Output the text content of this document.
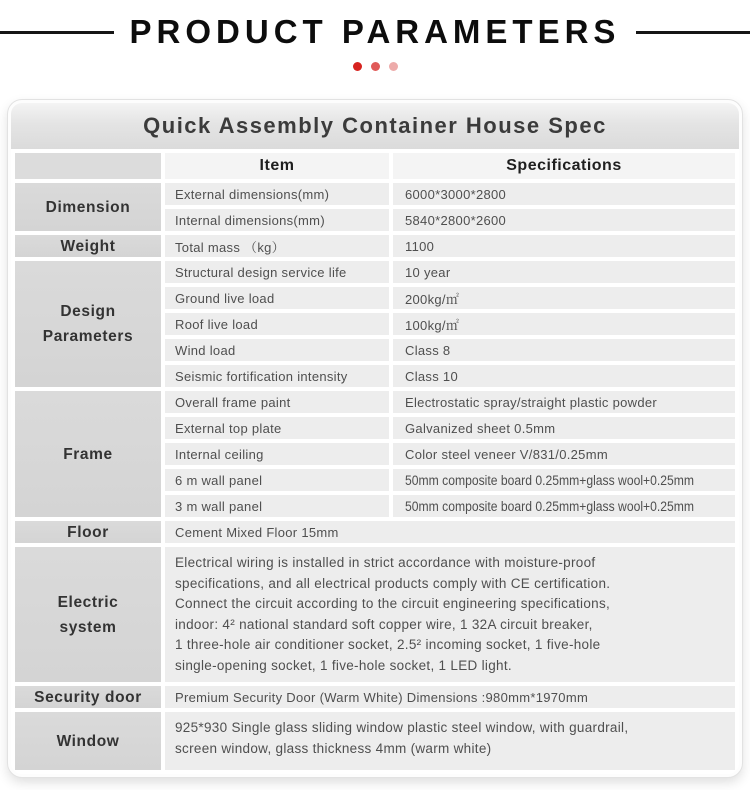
PRODUCT PARAMETERS
Quick Assembly Container House Spec
Item	Specifications
Dimension
External dimensions(mm)	6000*3000*2800
Internal dimensions(mm)	5840*2800*2600
Weight	Total mass （kg）	1100
Design
Parameters
Structural design service life	10 year
Ground live load	200kg/㎡
Roof live load	100kg/㎡
Wind load	Class 8
Seismic fortification intensity	Class 10
Frame
Overall frame paint	Electrostatic spray/straight plastic powder
External top plate	Galvanized sheet 0.5mm
Internal ceiling	Color steel veneer V/831/0.25mm
6 m wall panel	50mm composite board 0.25mm+glass wool+0.25mm
3 m wall panel	50mm composite board 0.25mm+glass wool+0.25mm
Floor	Cement Mixed Floor 15mm
Electric
system
Electrical wiring is installed in strict accordance with moisture-proof
specifications, and all electrical products comply with CE certification.
Connect the circuit according to the circuit engineering specifications,
indoor: 4² national standard soft copper wire, 1 32A circuit breaker,
1 three-hole air conditioner socket, 2.5² incoming socket, 1 five-hole
single-opening socket, 1 five-hole socket, 1 LED light.
Security door	Premium Security Door (Warm White) Dimensions :980mm*1970mm
Window
925*930 Single glass sliding window plastic steel window, with guardrail,
screen window, glass thickness 4mm (warm white)
